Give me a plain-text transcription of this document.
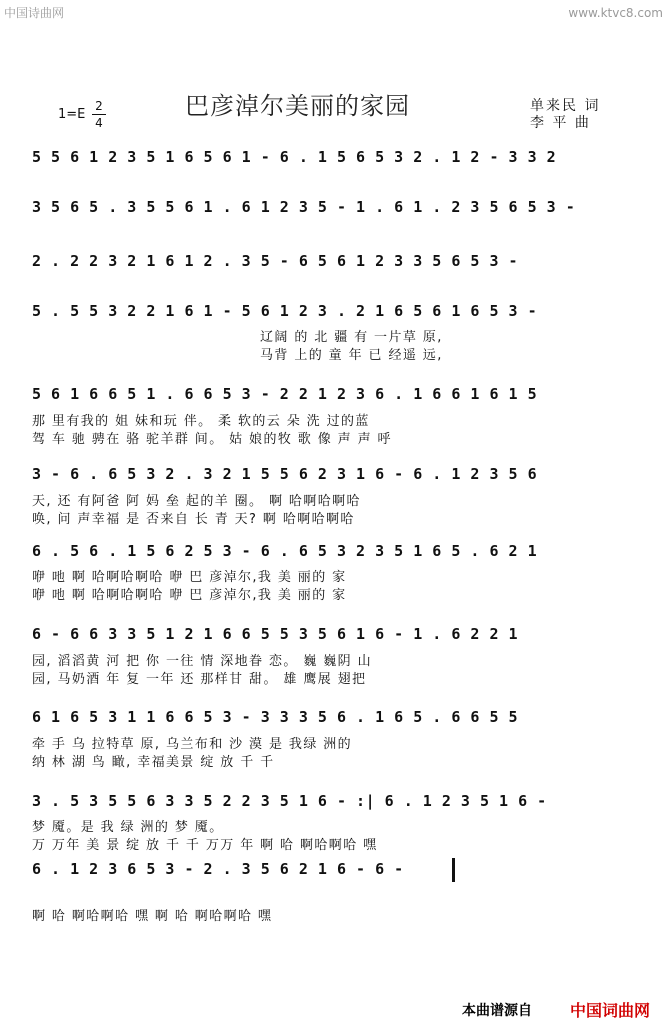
中国诗曲网	www.ktvc8.com
巴彦淖尔美丽的家园
1=E
2
4
单来民 词
李 平 曲
5 5 6 1 2 3 5 1 6 5 6 1 - 6 . 1 5 6 5 3 2 . 1 2 - 3 3 2
3 5 6 5 . 3 5 5 6 1 . 6 1 2 3 5 - 1 . 6 1 . 2 3 5 6 5 3 -
2 . 2 2 3 2 1 6 1 2 . 3 5 - 6 5 6 1 2 3 3 5 6 5 3 -
5 . 5 5 3 2 2 1 6 1 - 5 6 1 2 3 . 2 1 6 5 6 1 6 5 3 -
辽阔 的 北 疆 有 一片草 原,
马背 上的 童 年 已 经遥 远,
5 6 1 6 6 5 1 . 6 6 5 3 - 2 2 1 2 3 6 . 1 6 6 1 6 1 5
那 里有我的 姐 妹和玩 伴。 柔 软的云 朵 洗 过的蓝
驾 车 驰 骋在 骆 驼羊群 间。 姑 娘的牧 歌 像 声 声 呼
3 - 6 . 6 5 3 2 . 3 2 1 5 5 6 2 3 1 6 - 6 . 1 2 3 5 6
天, 还 有阿爸 阿 妈 垒 起的羊 圈。 啊 哈啊哈啊哈
唤, 问 声幸福 是 否来自 长 青 天? 啊 哈啊哈啊哈
6 . 5 6 . 1 5 6 2 5 3 - 6 . 6 5 3 2 3 5 1 6 5 . 6 2 1
咿 吔 啊 哈啊哈啊哈 咿 巴 彦淖尔,我 美 丽的 家
咿 吔 啊 哈啊哈啊哈 咿 巴 彦淖尔,我 美 丽的 家
6 - 6 6 3 3 5 1 2 1 6 6 5 5 3 5 6 1 6 - 1 . 6 2 2 1
园, 滔滔黄 河 把 你 一往 情 深地眷 恋。 巍 巍阴 山
园, 马奶酒 年 复 一年 还 那样甘 甜。 雄 鹰展 翅把
6 1 6 5 3 1 1 6 6 5 3 - 3 3 3 5 6 . 1 6 5 . 6 6 5 5
牵 手 乌 拉特草 原, 乌兰布和 沙 漠 是 我绿 洲的
纳 林 湖 鸟 瞰, 幸福美景 绽 放 千 千
3 . 5 3 5 5 6 3 3 5 2 2 3 5 1 6 - :| 6 . 1 2 3 5 1 6 -
梦 魇。是 我 绿 洲的 梦 魇。
万 万年 美 景 绽 放 千 千 万万 年 啊 哈 啊哈啊哈 嘿
6 . 1 2 3 6 5 3 - 2 . 3 5 6 2 1 6 - 6 -
啊 哈 啊哈啊哈 嘿 啊 哈 啊哈啊哈 嘿
本曲谱源自 中国词曲网
